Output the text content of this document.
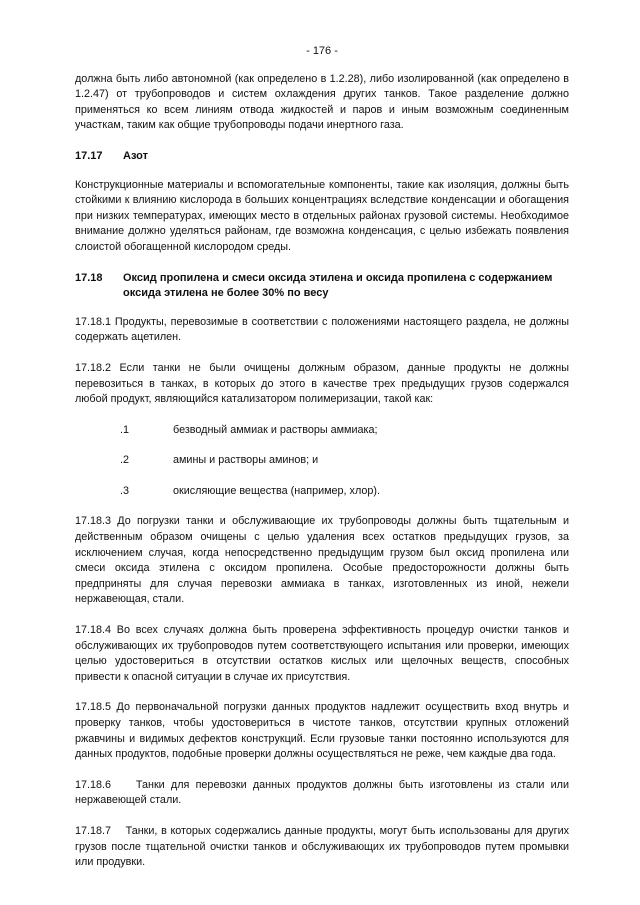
- 176 -

должна быть либо автономной (как определено в 1.2.28), либо изолированной (как определено в 1.2.47) от трубопроводов и систем охлаждения других танков. Такое разделение должно применяться ко всем линиям отвода жидкостей и паров и иным возможным соединенным участкам, таким как общие трубопроводы подачи инертного газа.

17.17	Азот

Конструкционные материалы и вспомогательные компоненты, такие как изоляция, должны быть стойкими к влиянию кислорода в больших концентрациях вследствие конденсации и обогащения при низких температурах, имеющих место в отдельных районах грузовой системы. Необходимое внимание должно уделяться районам, где возможна конденсация, с целью избежать появления слоистой обогащенной кислородом среды.

17.18	Оксид пропилена и смеси оксида этилена и оксида пропилена с содержанием оксида этилена не более 30% по весу

17.18.1 Продукты, перевозимые в соответствии с положениями настоящего раздела, не должны содержать ацетилен.

17.18.2 Если танки не были очищены должным образом, данные продукты не должны перевозиться в танках, в которых до этого в качестве трех предыдущих грузов содержался любой продукт, являющийся катализатором полимеризации, такой как:

.1	безводный аммиак и растворы аммиака;
.2	амины и растворы аминов; и
.3	окисляющие вещества (например, хлор).

17.18.3 До погрузки танки и обслуживающие их трубопроводы должны быть тщательным и действенным образом очищены с целью удаления всех остатков предыдущих грузов, за исключением случая, когда непосредственно предыдущим грузом был оксид пропилена или смеси оксида этилена с оксидом пропилена. Особые предосторожности должны быть предприняты для случая перевозки аммиака в танках, изготовленных из иной, нежели нержавеющая, стали.

17.18.4 Во всех случаях должна быть проверена эффективность процедур очистки танков и обслуживающих их трубопроводов путем соответствующего испытания или проверки, имеющих целью удостовериться в отсутствии остатков кислых или щелочных веществ, способных привести к опасной ситуации в случае их присутствия.

17.18.5 До первоначальной погрузки данных продуктов надлежит осуществить вход внутрь и проверку танков, чтобы удостовериться в чистоте танков, отсутствии крупных отложений ржавчины и видимых дефектов конструкций. Если грузовые танки постоянно используются для данных продуктов, подобные проверки должны осуществляться не реже, чем каждые два года.

17.18.6    Танки для перевозки данных продуктов должны быть изготовлены из стали или нержавеющей стали.

17.18.7    Танки, в которых содержались данные продукты, могут быть использованы для других грузов после тщательной очистки танков и обслуживающих их трубопроводов путем промывки или продувки.
